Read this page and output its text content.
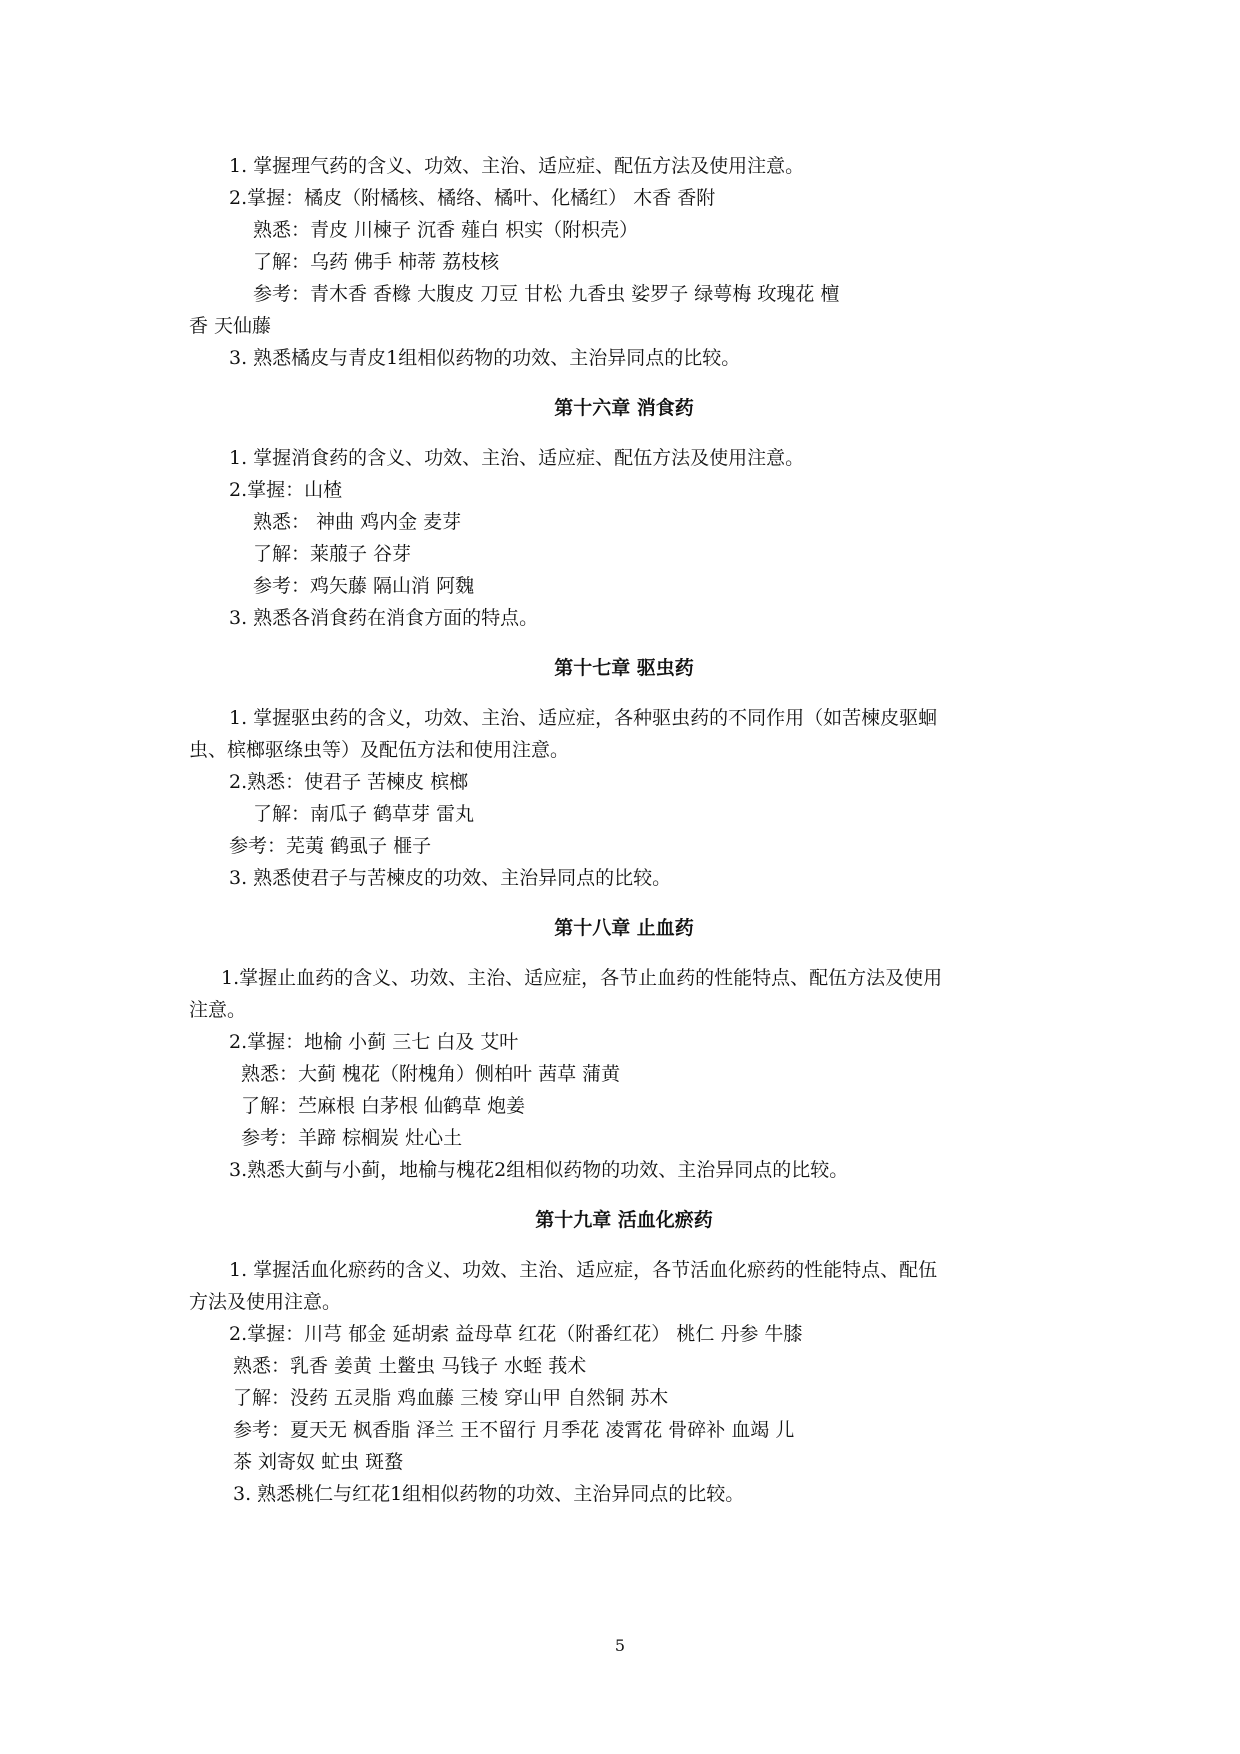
1. 掌握理气药的含义、功效、主治、适应症、配伍方法及使用注意。
2.掌握：橘皮（附橘核、橘络、橘叶、化橘红） 木香 香附
熟悉：青皮 川楝子 沉香 薤白 枳实（附枳壳）
了解：乌药 佛手 柿蒂 荔枝核
参考：青木香 香橼 大腹皮 刀豆 甘松 九香虫 娑罗子 绿萼梅 玫瑰花 檀
香 天仙藤
3. 熟悉橘皮与青皮1组相似药物的功效、主治异同点的比较。
第十六章 消食药
1. 掌握消食药的含义、功效、主治、适应症、配伍方法及使用注意。
2.掌握：山楂
熟悉： 神曲 鸡内金 麦芽
了解：莱菔子 谷芽
参考：鸡矢藤 隔山消 阿魏
3. 熟悉各消食药在消食方面的特点。
第十七章 驱虫药
1. 掌握驱虫药的含义，功效、主治、适应症，各种驱虫药的不同作用（如苦楝皮驱蛔
虫、槟榔驱绦虫等）及配伍方法和使用注意。
2.熟悉：使君子 苦楝皮 槟榔
了解：南瓜子 鹤草芽 雷丸
参考：芜荑 鹤虱子 榧子
3. 熟悉使君子与苦楝皮的功效、主治异同点的比较。
第十八章 止血药
1.掌握止血药的含义、功效、主治、适应症，各节止血药的性能特点、配伍方法及使用
注意。
2.掌握：地榆 小蓟 三七 白及 艾叶
熟悉：大蓟 槐花（附槐角）侧柏叶 茜草 蒲黄
了解：苎麻根 白茅根 仙鹤草 炮姜
参考：羊蹄 棕榈炭 灶心土
3.熟悉大蓟与小蓟，地榆与槐花2组相似药物的功效、主治异同点的比较。
第十九章 活血化瘀药
1. 掌握活血化瘀药的含义、功效、主治、适应症，各节活血化瘀药的性能特点、配伍
方法及使用注意。
2.掌握：川芎 郁金 延胡索 益母草 红花（附番红花） 桃仁 丹参 牛膝
熟悉：乳香 姜黄 土鳖虫 马钱子 水蛭 莪术
了解：没药 五灵脂 鸡血藤 三棱 穿山甲 自然铜 苏木
参考：夏天无 枫香脂 泽兰 王不留行 月季花 凌霄花 骨碎补 血竭 儿
茶 刘寄奴 虻虫 斑蝥
3. 熟悉桃仁与红花1组相似药物的功效、主治异同点的比较。
5
